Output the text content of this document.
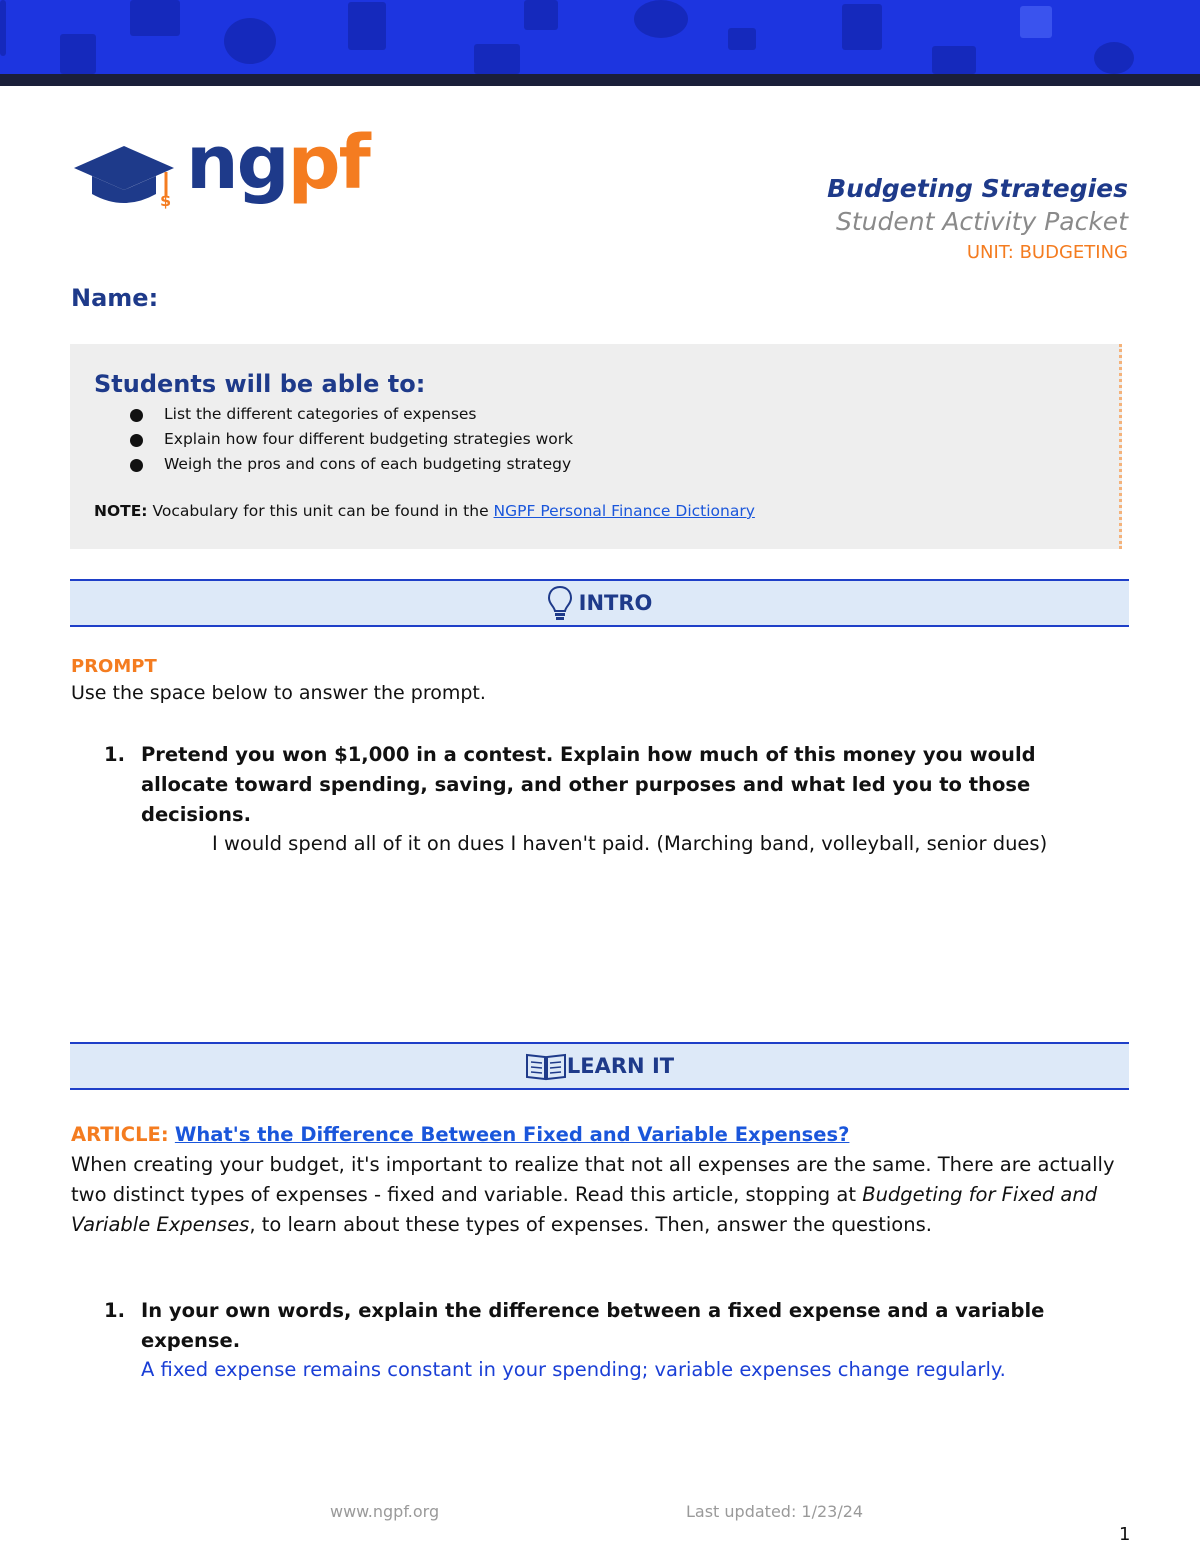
$ ngpf	Budgeting Strategies
Student Activity Packet
UNIT: BUDGETING
Name:
Students will be able to:
List the different categories of expenses
Explain how four different budgeting strategies work
Weigh the pros and cons of each budgeting strategy
NOTE: Vocabulary for this unit can be found in the NGPF Personal Finance Dictionary
INTRO
PROMPT
Use the space below to answer the prompt.
1. Pretend you won $1,000 in a contest. Explain how much of this money you would allocate toward spending, saving, and other purposes and what led you to those decisions.
I would spend all of it on dues I haven't paid. (Marching band, volleyball, senior dues)
LEARN IT
ARTICLE: What's the Difference Between Fixed and Variable Expenses?
When creating your budget, it's important to realize that not all expenses are the same. There are actually two distinct types of expenses - fixed and variable. Read this article, stopping at Budgeting for Fixed and Variable Expenses, to learn about these types of expenses. Then, answer the questions.
1. In your own words, explain the difference between a fixed expense and a variable expense.
A fixed expense remains constant in your spending; variable expenses change regularly.
www.ngpf.org	Last updated: 1/23/24
1
